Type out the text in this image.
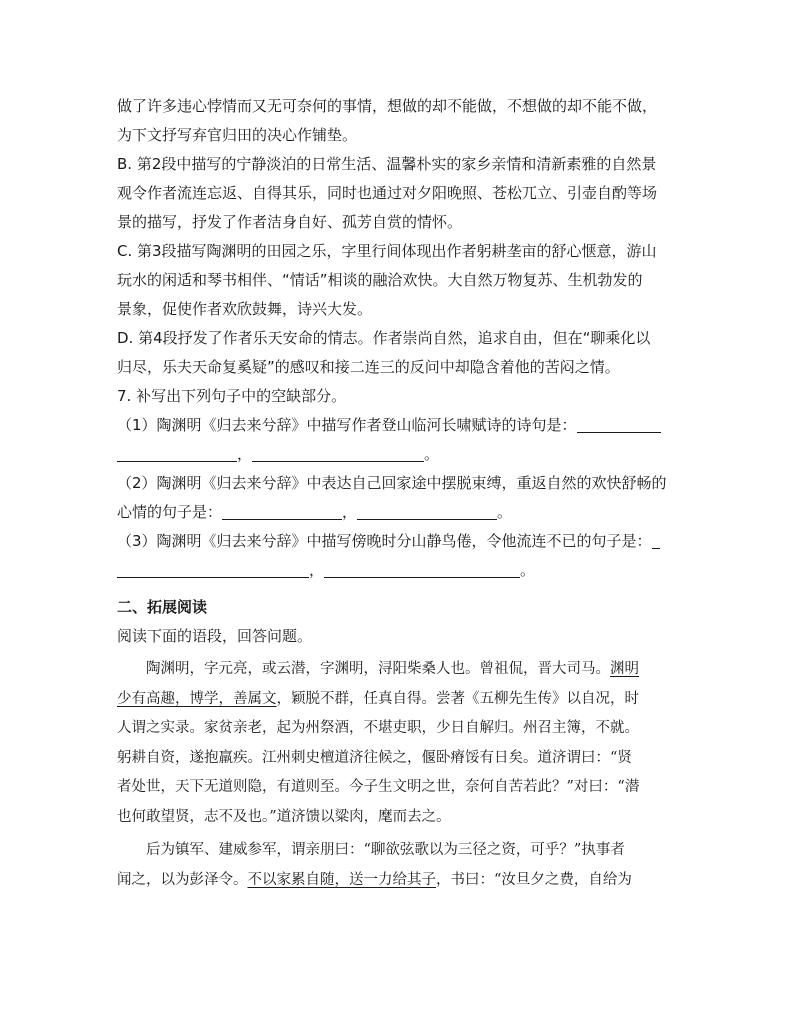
做了许多违心悖情而又无可奈何的事情，想做的却不能做，不想做的却不能不做，
为下文抒写弃官归田的决心作铺垫。
B. 第2段中描写的宁静淡泊的日常生活、温馨朴实的家乡亲情和清新素雅的自然景
观令作者流连忘返、自得其乐，同时也通过对夕阳晚照、苍松兀立、引壶自酌等场
景的描写，抒发了作者洁身自好、孤芳自赏的情怀。
C. 第3段描写陶渊明的田园之乐，字里行间体现出作者躬耕垄亩的舒心惬意，游山
玩水的闲适和琴书相伴、“情话”相谈的融洽欢快。大自然万物复苏、生机勃发的
景象，促使作者欢欣鼓舞，诗兴大发。
D. 第4段抒发了作者乐天安命的情志。作者崇尚自然，追求自由，但在“聊乘化以
归尽，乐夫天命复奚疑”的感叹和接二连三的反问中却隐含着他的苦闷之情。
7. 补写出下列句子中的空缺部分。
（1）陶渊明《归去来兮辞》中描写作者登山临河长啸赋诗的诗句是：
，	。
（2）陶渊明《归去来兮辞》中表达自己回家途中摆脱束缚，重返自然的欢快舒畅的
心情的句子是：	，	。
（3）陶渊明《归去来兮辞》中描写傍晚时分山静鸟倦，令他流连不已的句子是：
，	。
二、拓展阅读
阅读下面的语段，回答问题。
陶渊明，字元亮，或云潜，字渊明，浔阳柴桑人也。曾祖侃，晋大司马。渊明
少有高趣，博学，善属文，颖脱不群，任真自得。尝著《五柳先生传》以自况，时
人谓之实录。家贫亲老，起为州祭酒，不堪吏职，少日自解归。州召主簿，不就。
躬耕自资，遂抱羸疾。江州刺史檀道济往候之，偃卧瘠馁有日矣。道济谓曰：“贤
者处世，天下无道则隐，有道则至。今子生文明之世，奈何自苦若此？”对曰：“潜
也何敢望贤，志不及也。”道济馈以粱肉，麾而去之。
后为镇军、建威参军，谓亲朋曰：“聊欲弦歌以为三径之资，可乎？”执事者
闻之，以为彭泽令。不以家累自随，送一力给其子，书曰：“汝旦夕之费，自给为
